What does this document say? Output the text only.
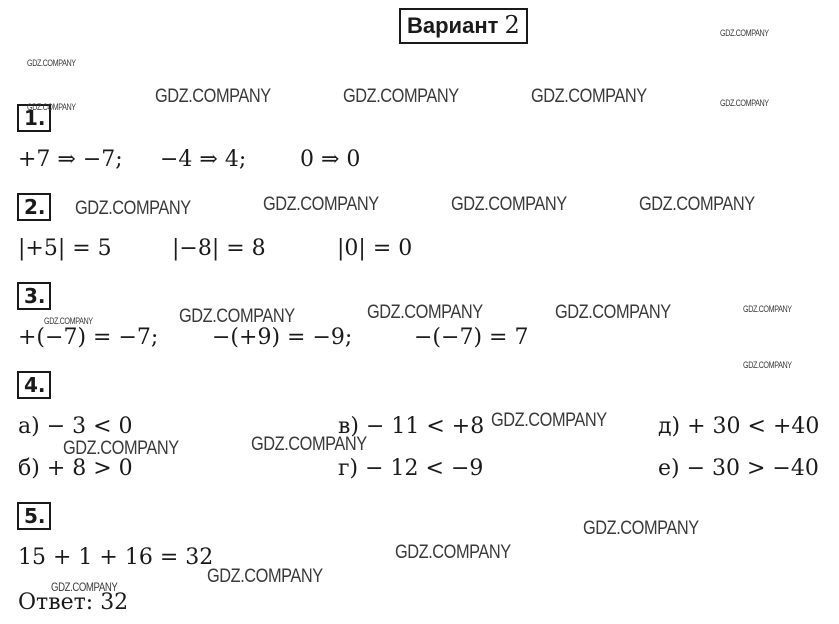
Вариант 2
1.
+7 ⇒ −7; −4 ⇒ 4; 0 ⇒ 0
2.
|+5| = 5	|−8| = 8	|0| = 0
3.
+(−7) = −7; −(+9) = −9;	−(−7) = 7
4.
а) − 3 < 0	в) − 11 < +8	д) + 30 < +40
б) + 8 > 0	г) − 12 < −9	е) − 30 > −40
5.
15 + 1 + 16 = 32
Ответ: 32
GDZ.COMPANY
GDZ.COMPANY
GDZ.COMPANY	GDZ.COMPANY
GDZ.COMPANY	GDZ.COMPANY	GDZ.COMPANY
GDZ.COMPANY	GDZ.COMPANY	GDZ.COMPANY	GDZ.COMPANY
GDZ.COMPANY	GDZ.COMPANY	GDZ.COMPANY	GDZ.COMPANY	GDZ.COMPANY
GDZ.COMPANY
GDZ.COMPANY
GDZ.COMPANY	GDZ.COMPANY
GDZ.COMPANY
GDZ.COMPANY
GDZ.COMPANY
GDZ.COMPANY
